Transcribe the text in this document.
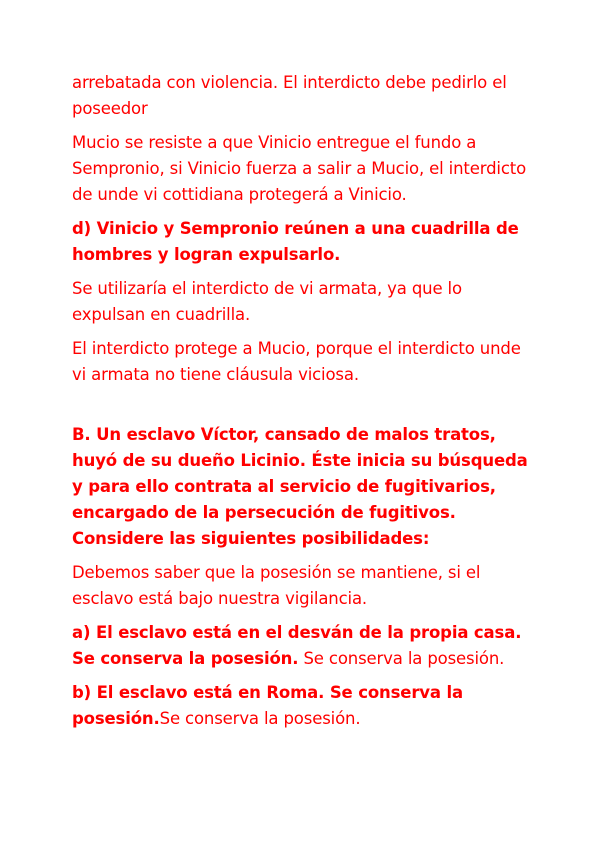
arrebatada con violencia. El interdicto debe pedirlo el poseedor

Mucio se resiste a que Vinicio entregue el fundo a Sempronio, si Vinicio fuerza a salir a Mucio, el interdicto de unde vi cottidiana protegerá a Vinicio.

d) Vinicio y Sempronio reúnen a una cuadrilla de hombres y logran expulsarlo.

Se utilizaría el interdicto de vi armata, ya que lo expulsan en cuadrilla.

El interdicto protege a Mucio, porque el interdicto unde vi armata no tiene cláusula viciosa.

B. Un esclavo Víctor, cansado de malos tratos, huyó de su dueño Licinio. Éste inicia su búsqueda y para ello contrata al servicio de fugitivarios, encargado de la persecución de fugitivos. Considere las siguientes posibilidades:

Debemos saber que la posesión se mantiene, si el esclavo está bajo nuestra vigilancia.

a) El esclavo está en el desván de la propia casa. Se conserva la posesión. Se conserva la posesión.

b) El esclavo está en Roma. Se conserva la posesión.Se conserva la posesión.
